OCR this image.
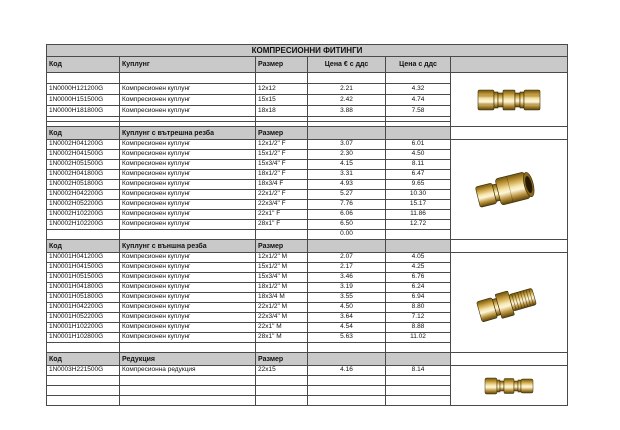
КОМПРЕСИОННИ ФИТИНГИ					
Код	Куплунг	Размер	Цена € с ддс	Цена с ддс	

1N0000H121200G	Компресионен куплунг	12x12	2.21	4.32	
1N0000H151500G	Компресионен куплунг	15x15	2.42	4.74	
1N0000H181800G	Компресионен куплунг	18x18	3.88	7.58	

Код	Куплунг с вътрешна резба	Размер			
1N0002H041200G	Компресионен куплунг	12x1/2" F	3.07	6.01	
1N0002H041500G	Компресионен куплунг	15x1/2" F	2.30	4.50	
1N0002H051500G	Компресионен куплунг	15x3/4" F	4.15	8.11	
1N0002H041800G	Компресионен куплунг	18x1/2" F	3.31	6.47	
1N0002H051800G	Компресионен куплунг	18x3/4 F	4.93	9.65	
1N0002H042200G	Компресионен куплунг	22x1/2" F	5.27	10.30	
1N0002H052200G	Компресионен куплунг	22x3/4" F	7.76	15.17	
1N0002H102200G	Компресионен куплунг	22x1" F	6.06	11.86	
1N0002H102200G	Компресионен куплунг	28x1" F	6.50	12.72	
			0.00		
Код	Куплунг с външна резба	Размер			
1N0001H041200G	Компресионен куплунг	12x1/2" M	2.07	4.05	
1N0001H041500G	Компресионен куплунг	15x1/2" M	2.17	4.25	
1N0001H051500G	Компресионен куплунг	15x3/4" M	3.46	6.76	
1N0001H041800G	Компресионен куплунг	18x1/2" M	3.19	6.24	
1N0001H051800G	Компресионен куплунг	18x3/4 M	3.55	6.94	
1N0001H042200G	Компресионен куплунг	22x1/2" M	4.50	8.80	
1N0001H052200G	Компресионен куплунг	22x3/4" M	3.64	7.12	
1N0001H102200G	Компресионен куплунг	22x1" M	4.54	8.88	
1N0001H102800G	Компресионен куплунг	28x1" M	5.63	11.02	

Код	Редукция	Размер			
1N0003H221500G	Компресионна редукция	22x15	4.16	8.14	
